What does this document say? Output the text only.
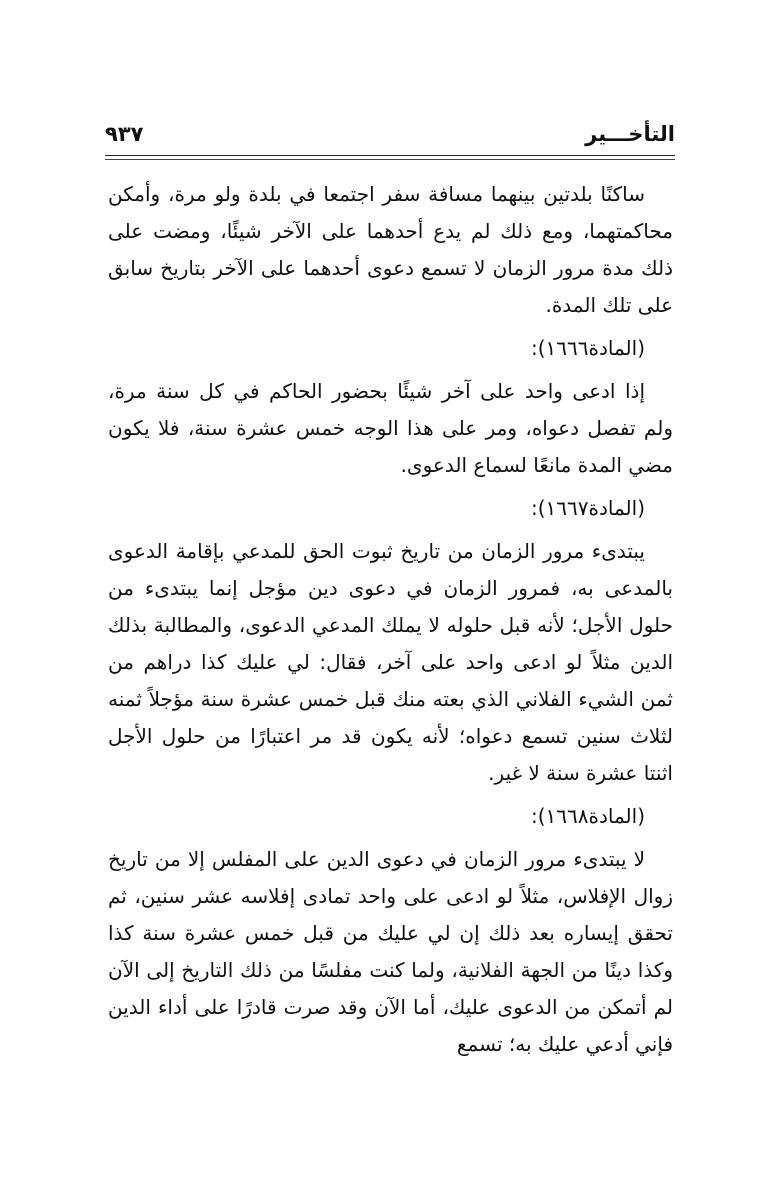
التأخـــير
٩٣٧

ساكنًا بلدتين بينهما مسافة سفر اجتمعا في بلدة ولو مرة، وأمكن محاكمتهما، ومع ذلك لم يدع أحدهما على الآخر شيئًا، ومضت على ذلك مدة مرور الزمان لا تسمع دعوى أحدهما على الآخر بتاريخ سابق على تلك المدة.

(المادة١٦٦٦):

إذا ادعى واحد على آخر شيئًا بحضور الحاكم في كل سنة مرة، ولم تفصل دعواه، ومر على هذا الوجه خمس عشرة سنة، فلا يكون مضي المدة مانعًا لسماع الدعوى.

(المادة١٦٦٧):

يبتدىء مرور الزمان من تاريخ ثبوت الحق للمدعي بإقامة الدعوى بالمدعى به، فمرور الزمان في دعوى دين مؤجل إنما يبتدىء من حلول الأجل؛ لأنه قبل حلوله لا يملك المدعي الدعوى، والمطالبة بذلك الدين مثلاً لو ادعى واحد على آخر، فقال: لي عليك كذا دراهم من ثمن الشيء الفلاني الذي بعته منك قبل خمس عشرة سنة مؤجلاً ثمنه لثلاث سنين تسمع دعواه؛ لأنه يكون قد مر اعتبارًا من حلول الأجل اثنتا عشرة سنة لا غير.

(المادة١٦٦٨):

لا يبتدىء مرور الزمان في دعوى الدين على المفلس إلا من تاريخ زوال الإفلاس، مثلاً لو ادعى على واحد تمادى إفلاسه عشر سنين، ثم تحقق إيساره بعد ذلك إن لي عليك من قبل خمس عشرة سنة كذا وكذا دينًا من الجهة الفلانية، ولما كنت مفلسًا من ذلك التاريخ إلى الآن لم أتمكن من الدعوى عليك، أما الآن وقد صرت قادرًا على أداء الدين فإني أدعي عليك به؛ تسمع
